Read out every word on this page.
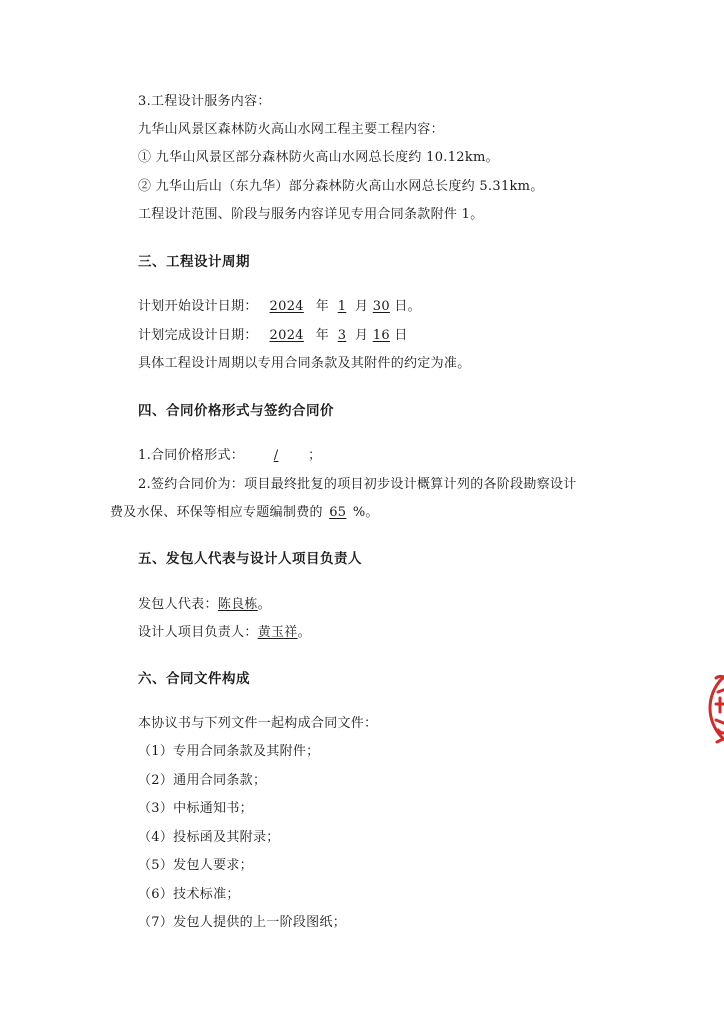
3.工程设计服务内容：
九华山风景区森林防火高山水网工程主要工程内容：
① 九华山风景区部分森林防火高山水网总长度约 10.12km。
② 九华山后山（东九华）部分森林防火高山水网总长度约 5.31km。
工程设计范围、阶段与服务内容详见专用合同条款附件 1。
三、工程设计周期
计划开始设计日期： 2024 年 1 月 30 日。
计划完成设计日期： 2024 年 3 月 16 日
具体工程设计周期以专用合同条款及其附件的约定为准。
四、合同价格形式与签约合同价
1.合同价格形式： / ；
2.签约合同价为：项目最终批复的项目初步设计概算计列的各阶段勘察设计
费及水保、环保等相应专题编制费的 65 %。
五、发包人代表与设计人项目负责人
发包人代表：陈良栋。
设计人项目负责人：黄玉祥。
六、合同文件构成
本协议书与下列文件一起构成合同文件：
（1）专用合同条款及其附件；
（2）通用合同条款；
（3）中标通知书；
（4）投标函及其附录；
（5）发包人要求；
（6）技术标准；
（7）发包人提供的上一阶段图纸；
